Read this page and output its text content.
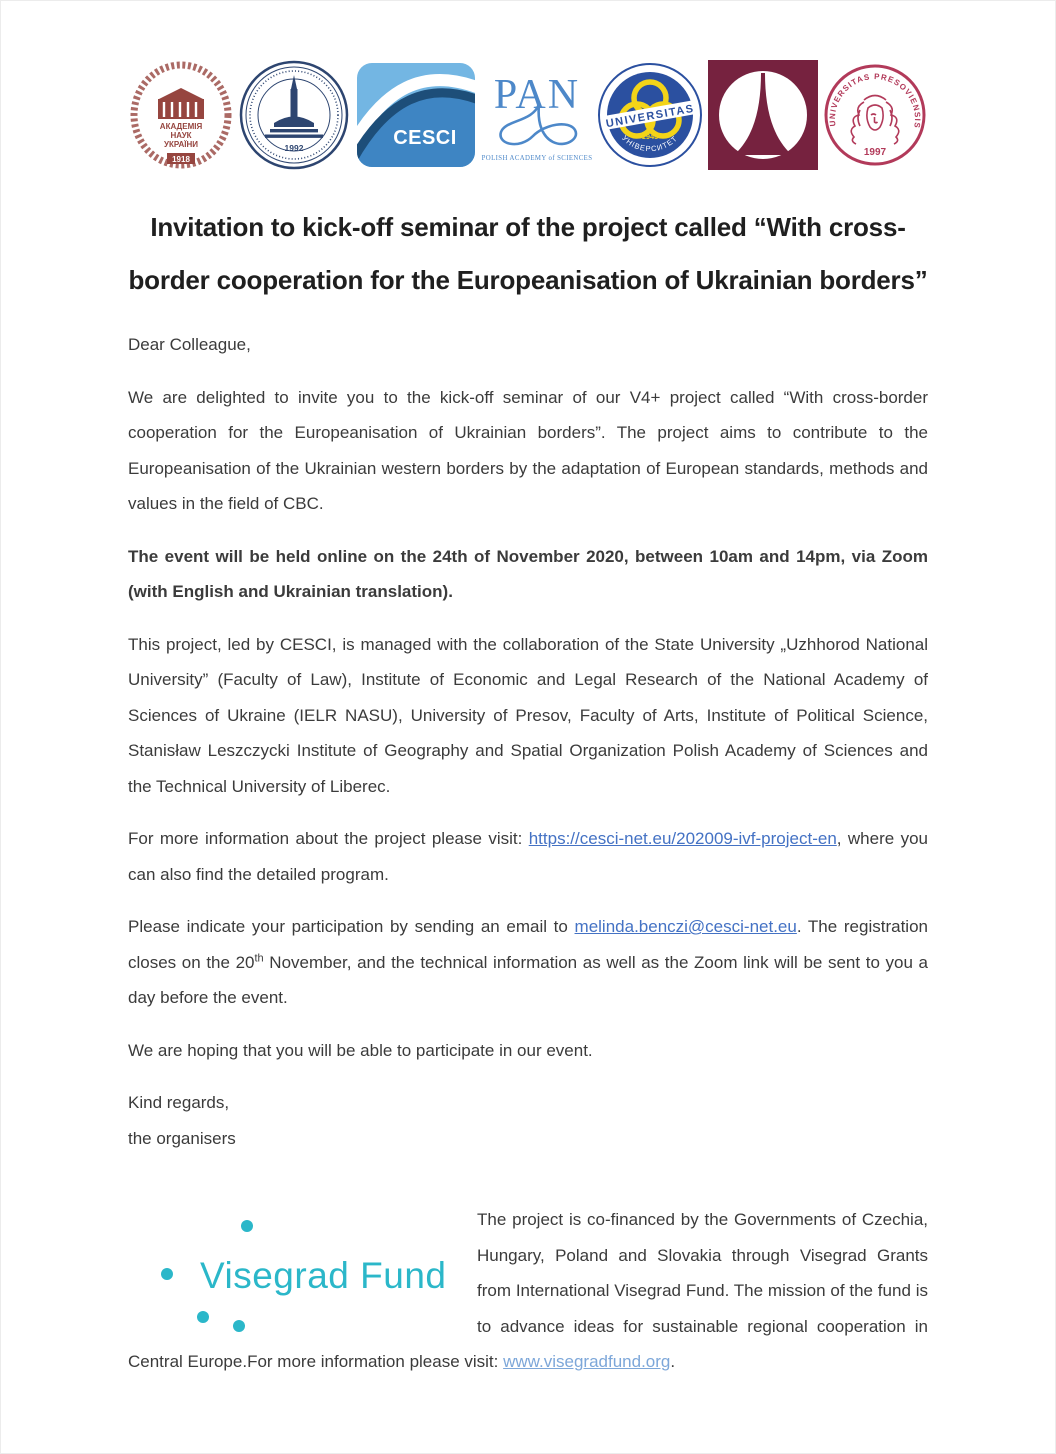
АКАДЕМІЯ
НАУК
УКРАЇНИ
1918
1992	CESCI
PAN
POLISH ACADEMY of SCIENCES
UNIVERSITAS
1945
УНІВЕРСИТЕТ
UNIVERSITAS PRESOVIENSIS
1997
Invitation to kick-off seminar of the project called “With cross-
border cooperation for the Europeanisation of Ukrainian borders”

Dear Colleague,

We are delighted to invite you to the kick-off seminar of our V4+ project called “With cross-border cooperation for the Europeanisation of Ukrainian borders”. The project aims to contribute to the Europeanisation of the Ukrainian western borders by the adaptation of European standards, methods and values in the field of CBC.

The event will be held online on the 24th of November 2020, between 10am and 14pm, via Zoom (with English and Ukrainian translation).

This project, led by CESCI, is managed with the collaboration of the State University „Uzhhorod National University” (Faculty of Law), Institute of Economic and Legal Research of the National Academy of Sciences of Ukraine (IELR NASU), University of Presov, Faculty of Arts, Institute of Political Science, Stanisław Leszczycki Institute of Geography and Spatial Organization Polish Academy of Sciences and the Technical University of Liberec.

For more information about the project please visit: https://cesci-net.eu/202009-ivf-project-en, where you can also find the detailed program.

Please indicate your participation by sending an email to melinda.benczi@cesci-net.eu. The registration closes on the 20th November, and the technical information as well as the Zoom link will be sent to you a day before the event.

We are hoping that you will be able to participate in our event.

Kind regards,
the organisers

Visegrad Fund

The project is co-financed by the Governments of Czechia, Hungary, Poland and Slovakia through Visegrad Grants from International Visegrad Fund. The mission of the fund is to advance ideas for sustainable regional cooperation in Central Europe.For more information please visit: www.visegradfund.org.
